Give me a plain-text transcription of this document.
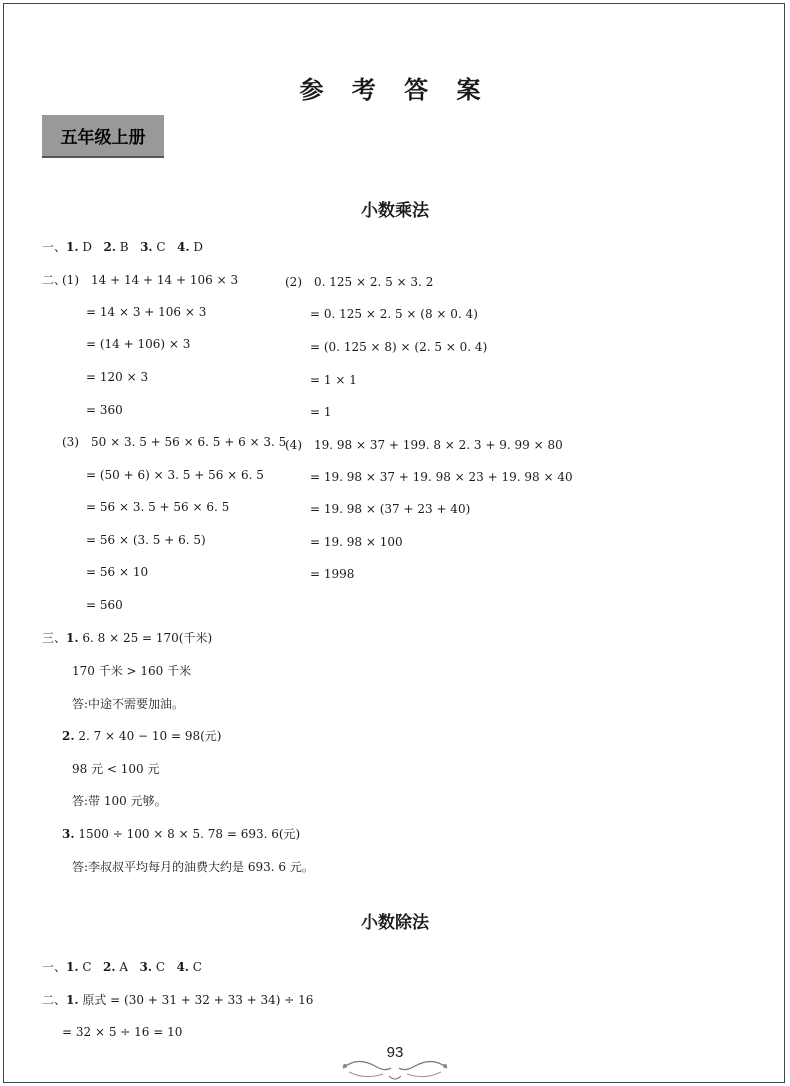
参 考 答 案
五年级上册
小数乘法
一、1. D 2. B 3. C 4. D
二、
(1)　14 + 14 + 14 + 106 × 3
= 14 × 3 + 106 × 3
= (14 + 106) × 3
= 120 × 3
= 360
(2)　0. 125 × 2. 5 × 3. 2
= 0. 125 × 2. 5 × (8 × 0. 4)
= (0. 125 × 8) × (2. 5 × 0. 4)
= 1 × 1
= 1
(3)　50 × 3. 5 + 56 × 6. 5 + 6 × 3. 5
= (50 + 6) × 3. 5 + 56 × 6. 5
= 56 × 3. 5 + 56 × 6. 5
= 56 × (3. 5 + 6. 5)
= 56 × 10
= 560
(4)　19. 98 × 37 + 199. 8 × 2. 3 + 9. 99 × 80
= 19. 98 × 37 + 19. 98 × 23 + 19. 98 × 40
= 19. 98 × (37 + 23 + 40)
= 19. 98 × 100
= 1998
三、1. 6. 8 × 25 = 170(千米)
170 千米 > 160 千米
答:中途不需要加油。
2. 2. 7 × 40 − 10 = 98(元)
98 元 < 100 元
答:带 100 元够。
3. 1500 ÷ 100 × 8 × 5. 78 = 693. 6(元)
答:李叔叔平均每月的油费大约是 693. 6 元。
小数除法
一、1. C 2. A 3. C 4. C
二、1. 原式 = (30 + 31 + 32 + 33 + 34) ÷ 16
= 32 × 5 ÷ 16 = 10
93
